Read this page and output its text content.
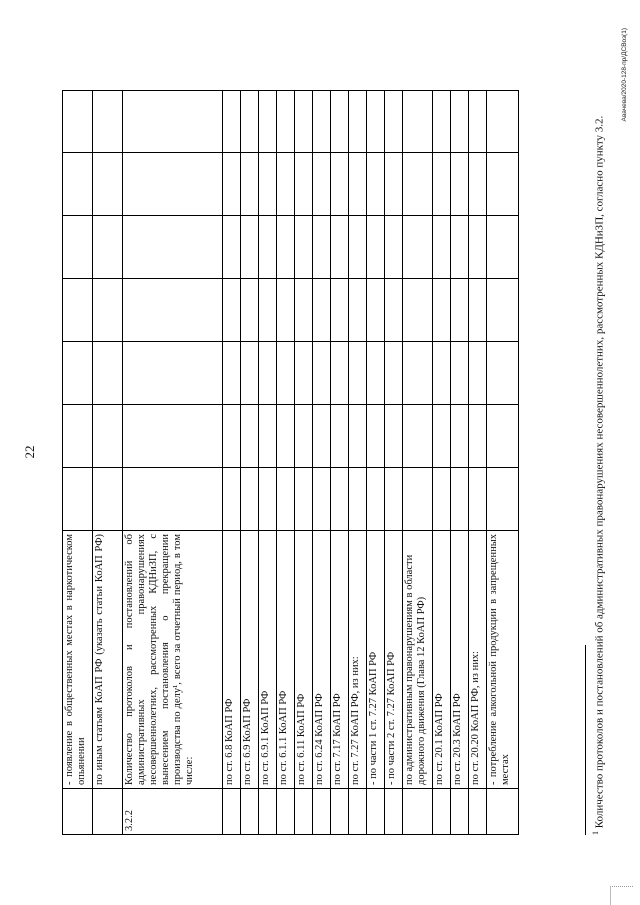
22
	- появление в общественных местах в наркотическом опьянении							
	по иным статьям КоАП РФ (указать статьи КоАП РФ)							
3.2.2	Количество протоколов и постановлений об административных правонарушениях несовершеннолетних, рассмотренных КДНиЗП, с вынесением постановления о прекращении производства по делу¹, всего за отчетный период, в том числе:							
	по ст. 6.8 КоАП РФ							
	по ст. 6.9 КоАП РФ							
	по ст. 6.9.1 КоАП РФ							
	по ст. 6.1.1 КоАП РФ							
	по ст. 6.11 КоАП РФ							
	по ст. 6.24 КоАП РФ							
	по ст. 7.17 КоАП РФ							
	по ст. 7.27 КоАП РФ, из них:							
	- по части 1 ст. 7.27 КоАП РФ							
	- по части 2 ст. 7.27 КоАП РФ							
	по административным правонарушениям в области дорожного движения (Глава 12 КоАП РФ)							
	по ст. 20.1 КоАП РФ							
	по ст. 20.3 КоАП РФ							
	по ст. 20.20 КоАП РФ, из них:							
	- потребление алкогольной продукции в запрещенных местах							
$^1$ Количество протоколов и постановлений об административных правонарушениях несовершеннолетних, рассмотренных КДНиЗП, согласно пункту 3.2.
Авачева/2020-128-пр/ДСВоз(1)
